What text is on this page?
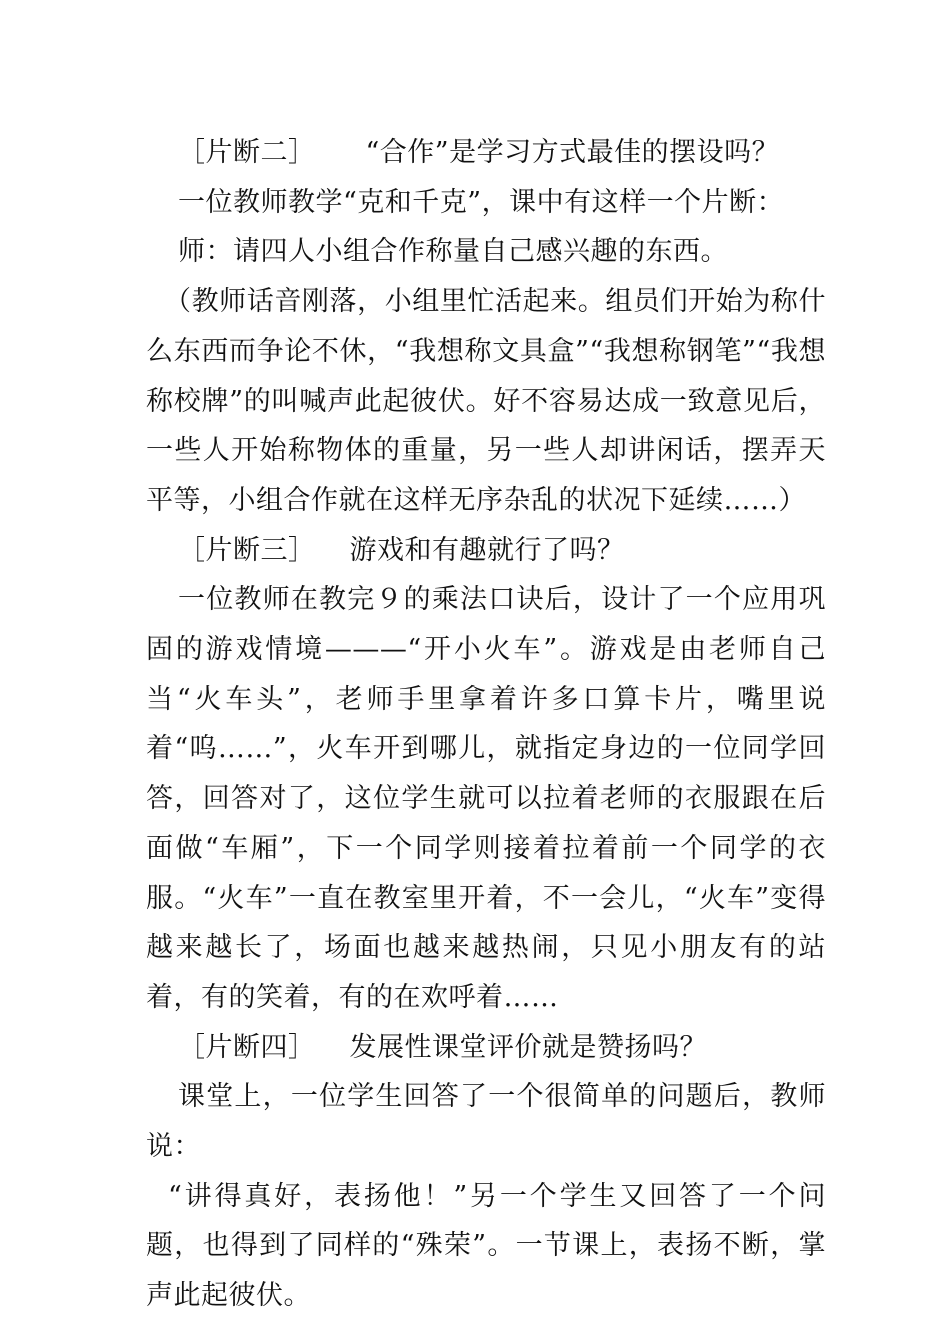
［片断二］ “合作”是学习方式最佳的摆设吗？

一位教师教学“克和千克”，课中有这样一个片断：

师：请四人小组合作称量自己感兴趣的东西。

（教师话音刚落，小组里忙活起来。组员们开始为称什么东西而争论不休，“我想称文具盒”“我想称钢笔”“我想称校牌”的叫喊声此起彼伏。好不容易达成一致意见后，一些人开始称物体的重量，另一些人却讲闲话，摆弄天平等，小组合作就在这样无序杂乱的状况下延续……）

［片断三］ 游戏和有趣就行了吗？

一位教师在教完９的乘法口诀后，设计了一个应用巩固的游戏情境———“开小火车”。游戏是由老师自己当“火车头”，老师手里拿着许多口算卡片，嘴里说着“呜……”，火车开到哪儿，就指定身边的一位同学回答，回答对了，这位学生就可以拉着老师的衣服跟在后面做“车厢”，下一个同学则接着拉着前一个同学的衣服。“火车”一直在教室里开着，不一会儿，“火车”变得越来越长了，场面也越来越热闹，只见小朋友有的站着，有的笑着，有的在欢呼着……

［片断四］ 发展性课堂评价就是赞扬吗？

课堂上，一位学生回答了一个很简单的问题后，教师说：

“讲得真好，表扬他！”另一个学生又回答了一个问题，也得到了同样的“殊荣”。一节课上，表扬不断，掌声此起彼伏。
